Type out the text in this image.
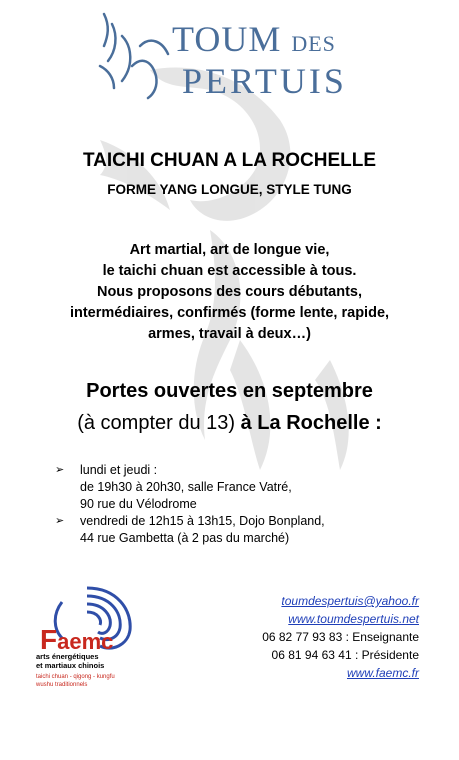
TOUM DES
PERTUIS
TAICHI CHUAN A LA ROCHELLE
FORME YANG LONGUE, STYLE TUNG
Art martial, art de longue vie,
le taichi chuan est accessible à tous.
Nous proposons des cours débutants,
intermédiaires, confirmés (forme lente, rapide,
armes, travail à deux…)
Portes ouvertes en septembre
(à compter du 13) à La Rochelle :
➢	lundi et jeudi :
de 19h30 à 20h30, salle France Vatré,
90 rue du Vélodrome
➢	vendredi de 12h15 à 13h15, Dojo Bonpland,
44 rue Gambetta (à 2 pas du marché)
Faemc
arts énergétiques
et martiaux chinois
taichi chuan - qigong - kungfu
wushu traditionnels
toumdespertuis@yahoo.fr
www.toumdespertuis.net
06 82 77 93 83 : Enseignante
06 81 94 63 41 : Présidente
www.faemc.fr
